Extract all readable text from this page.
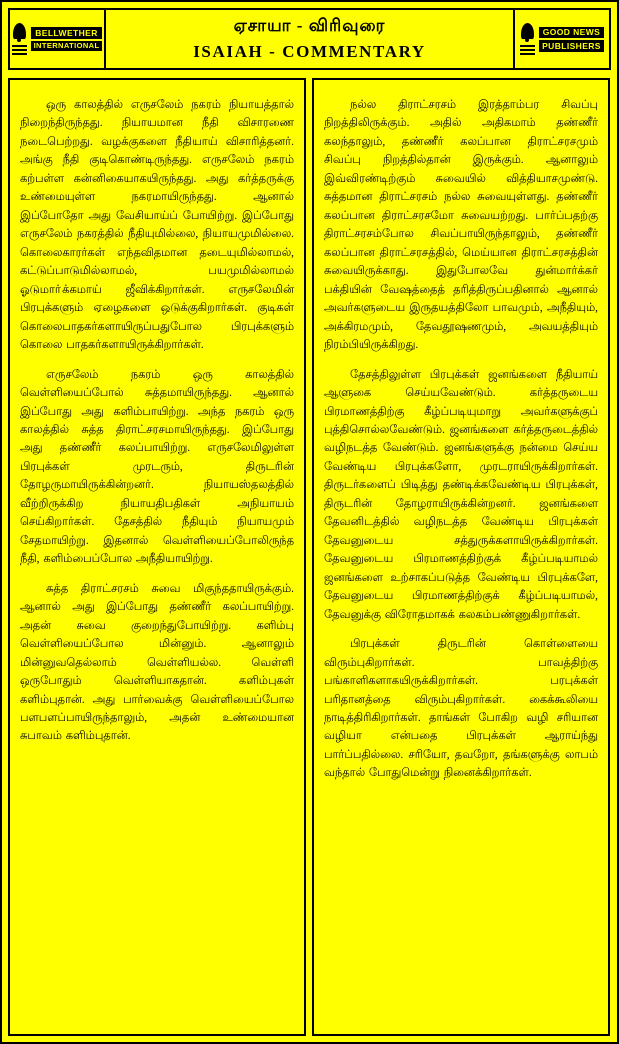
BELLWETHER
INTERNATIONAL
ஏசாயா - விரிவுரை
ISAIAH - COMMENTARY
GOOD NEWS
PUBLISHERS

ஒரு காலத்தில் எருசலேம் நகரம் நியாயத்தால் நிறைந்திருந்தது. நியாயமான நீதி விசாரணை நடைபெற்றது. வழக்குகளை நீதியாய் விசாரித்தனர். அங்கு நீதி குடிகொண்டிருந்தது. எருசலேம் நகரம் கற்பள்ள கன்னிகையாகயிருந்தது. அது கர்த்தருக்கு உண்மையுள்ள நகரமாயிருந்தது. ஆனால் இப்போதோ அது வேசியாய்ப் போயிற்று. இப்போது எருசலேம் நகரத்தில் நீதியுமில்லை, நியாயமுமில்லை. கொலைகாரர்கள் எந்தவிதமான தடையுமில்லாமல், கட்டுப்பாடுமில்லாமல், பயமுமில்லாமல் ஓடுமாா்க்கமாய் ஜீவிக்கிறார்கள். எருசலேமின் பிரபுக்களும் ஏழைகளை ஒடுக்குகிறார்கள். குடிகள் கொலைபாதகர்களாயிருப்பதுபோல பிரபுக்களும் கொலை பாதகர்களாயிருக்கிறார்கள்.

எருசலேம் நகரம் ஒரு காலத்தில் வெள்ளியைப்போல் சுத்தமாயிருந்தது. ஆனால் இப்போது அது களிம்பாயிற்று. அந்த நகரம் ஒரு காலத்தில் சுத்த திராட்சரசமாயிருந்தது. இப்போது அது தண்ணீர் கலப்பாயிற்று. எருசலேமிலுள்ள பிரபுக்கள் முரடரும், திருடரின் தோழருமாயிருக்கின்றனர். நியாயஸ்தலத்தில் வீற்றிருக்கிற நியாயதிபதிகள் அநியாயம் செய்கிறார்கள். தேசத்தில் நீதியும் நியாயமும் சேதமாயிற்று. இதனால் வெள்ளியைப்போலிருந்த நீதி, களிம்பைப்போல அநீதியாயிற்று.

சுத்த திராட்சரசம் சுவை மிகுந்ததாயிருக்கும். ஆனால் அது இப்போது தண்ணீர் கலப்பாயிற்று. அதன் சுவை குறைந்துபோயிற்று. களிம்பு வெள்ளியைப்போல மின்னும். ஆனாலும் மின்னுவதெல்லாம் வெள்ளியல்ல. வெள்ளி ஒருபோதும் வெள்ளியாகதான். களிம்புகள் களிம்புதான். அது பார்வைக்கு வெள்ளியைப்போல பளபளப்பாயிருந்தாலும், அதன் உண்மையான சுபாவம் களிம்புதான்.

நல்ல திராட்சரசம் இரத்தாம்பர சிவப்பு நிறத்திலிருக்கும். அதில் அதிகமாம் தண்ணீர் கலந்தாலும், தண்ணீர் கலப்பான திராட்சரசமும் சிவப்பு நிறத்தில்தான் இருக்கும். ஆனாலும் இவ்விரண்டிற்கும் சுவையில் வித்தியாசமுண்டு. சுத்தமான திராட்சரசம் நல்ல சுவையுள்ளது. தண்ணீர் கலப்பான திராட்சரசமோ சுவையற்றது. பார்ப்பதற்கு திராட்சரசம்போல சிவப்பாயிருந்தாலும், தண்ணீர் கலப்பான திராட்சரசத்தில், மெய்யான திராட்சரசத்தின் சுவையிருக்காது. இதுபோலவே துன்மார்க்கர் பக்தியின் வேஷத்தைத் தரித்திருப்பதினால் ஆனால் அவர்களுடைய இருதயத்திலோ பாவமும், அநீதியும், அக்கிரமமும், தேவதூஷணமும், அவயத்தியும் நிரம்பியிருக்கிறது.

தேசத்திலுள்ள பிரபுக்கள் ஜனங்களை நீதியாய் ஆளுகை செய்யவேண்டும். கர்த்தருடைய பிரமாணத்திற்கு கீழ்ப்படியுமாறு அவர்களுக்குப் புத்திசொல்லவேண்டும். ஜனங்களை கர்த்தருடைத்தில் வழிநடத்த வேண்டும். ஜனங்களுக்கு நன்மை செய்ய வேண்டிய பிரபுக்களோ, முரடராயிருக்கிறார்கள். திருடர்களைப் பிடித்து தண்டிக்கவேண்டிய பிரபுக்கள், திருடரின் தோழராயிருக்கின்றனர். ஜனங்களை தேவனிடத்தில் வழிநடத்த வேண்டிய பிரபுக்கள் தேவனுடைய சத்துருக்களாயிருக்கிறார்கள். தேவனுடைய பிரமாணத்திற்குக் கீழ்ப்படியாமல் ஜனங்களை உற்சாகப்படுத்த வேண்டிய பிரபுக்களே, தேவனுடைய பிரமாணத்திற்குக் கீழ்ப்படியாமல், தேவனுக்கு விரோதமாகக் கலகம்பண்ணுகிறார்கள்.

பிரபுக்கள் திருடரின் கொள்ளையை விரும்புகிறார்கள். பாவத்திற்கு பங்காளிகளாகயிருக்கிறார்கள். பரபுக்கள் பரிதானத்தை விரும்புகிறார்கள். கைக்கூலியை நாடித்திரிகிறார்கள். தாங்கள் போகிற வழி சரியான வழியா என்பதை பிரபுக்கள் ஆராய்ந்து பார்ப்பதில்லை. சரியோ, தவறோ, தங்களுக்கு லாபம் வந்தால் போதுமென்று நினைக்கிறார்கள்.
